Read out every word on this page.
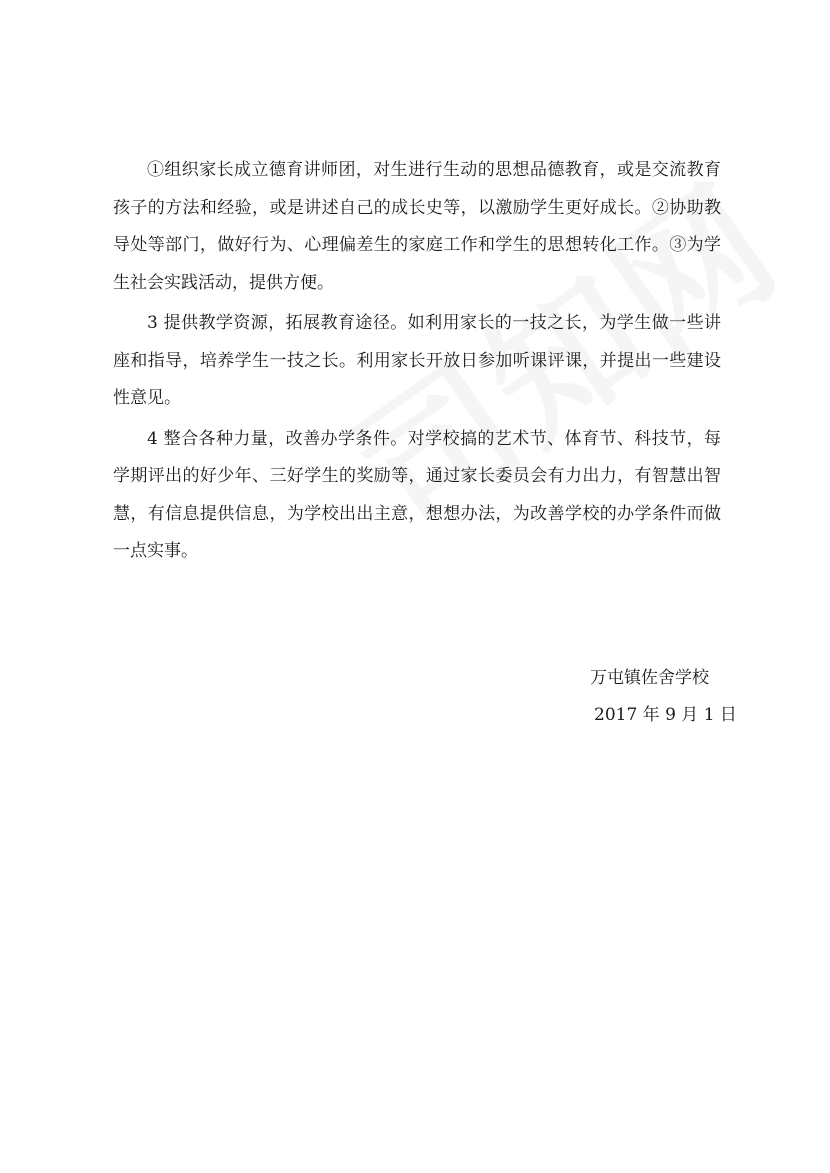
①组织家长成立德育讲师团，对生进行生动的思想品德教育，或是交流教育孩子的方法和经验，或是讲述自己的成长史等，以激励学生更好成长。②协助教导处等部门，做好行为、心理偏差生的家庭工作和学生的思想转化工作。③为学生社会实践活动，提供方便。

3 提供教学资源，拓展教育途径。如利用家长的一技之长，为学生做一些讲座和指导，培养学生一技之长。利用家长开放日参加听课评课，并提出一些建设性意见。

4 整合各种力量，改善办学条件。对学校搞的艺术节、体育节、科技节，每学期评出的好少年、三好学生的奖励等，通过家长委员会有力出力，有智慧出智慧，有信息提供信息，为学校出出主意，想想办法，为改善学校的办学条件而做一点实事。

万屯镇佐舍学校
2017 年 9 月 1 日
